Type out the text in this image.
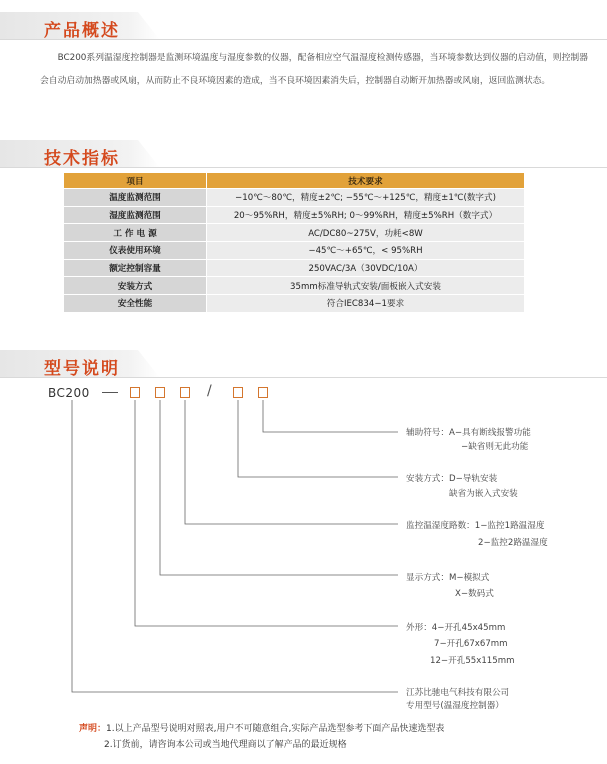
产品概述
BC200系列温湿度控制器是监测环境温度与湿度参数的仪器，配备相应空气温湿度检测传感器，当环境参数达到仪器的启动值，则控制器会自动启动加热器或风扇，从而防止不良环境因素的造成，当不良环境因素消失后，控制器自动断开加热器或风扇，返回监测状态。
技术指标
项目	技术要求
温度监测范围	−10℃～80℃，精度±2℃; −55℃～+125℃，精度±1℃(数字式)
湿度监测范围	20～95%RH，精度±5%RH; 0～99%RH，精度±5%RH（数字式）
工 作 电 源	AC/DC80~275V，功耗<8W
仪表使用环境	−45℃～+65℃，< 95%RH
额定控制容量	250VAC/3A（30VDC/10A）
安装方式	35mm标准导轨式安装/面板嵌入式安装
安全性能	符合IEC834−1要求
型号说明
BC200	/
辅助符号：A−具有断线报警功能
−缺省则无此功能
安装方式：D−导轨安装
缺省为嵌入式安装
监控温湿度路数：1−监控1路温湿度
2−监控2路温湿度
显示方式：M−模拟式
X−数码式
外形：4−开孔45x45mm
7−开孔67x67mm
12−开孔55x115mm
江苏比驰电气科技有限公司
专用型号(温湿度控制器）
声明：1.以上产品型号说明对照表,用户不可随意组合,实际产品选型参考下面产品快速选型表
2.订货前，请咨询本公司或当地代理商以了解产品的最近规格
